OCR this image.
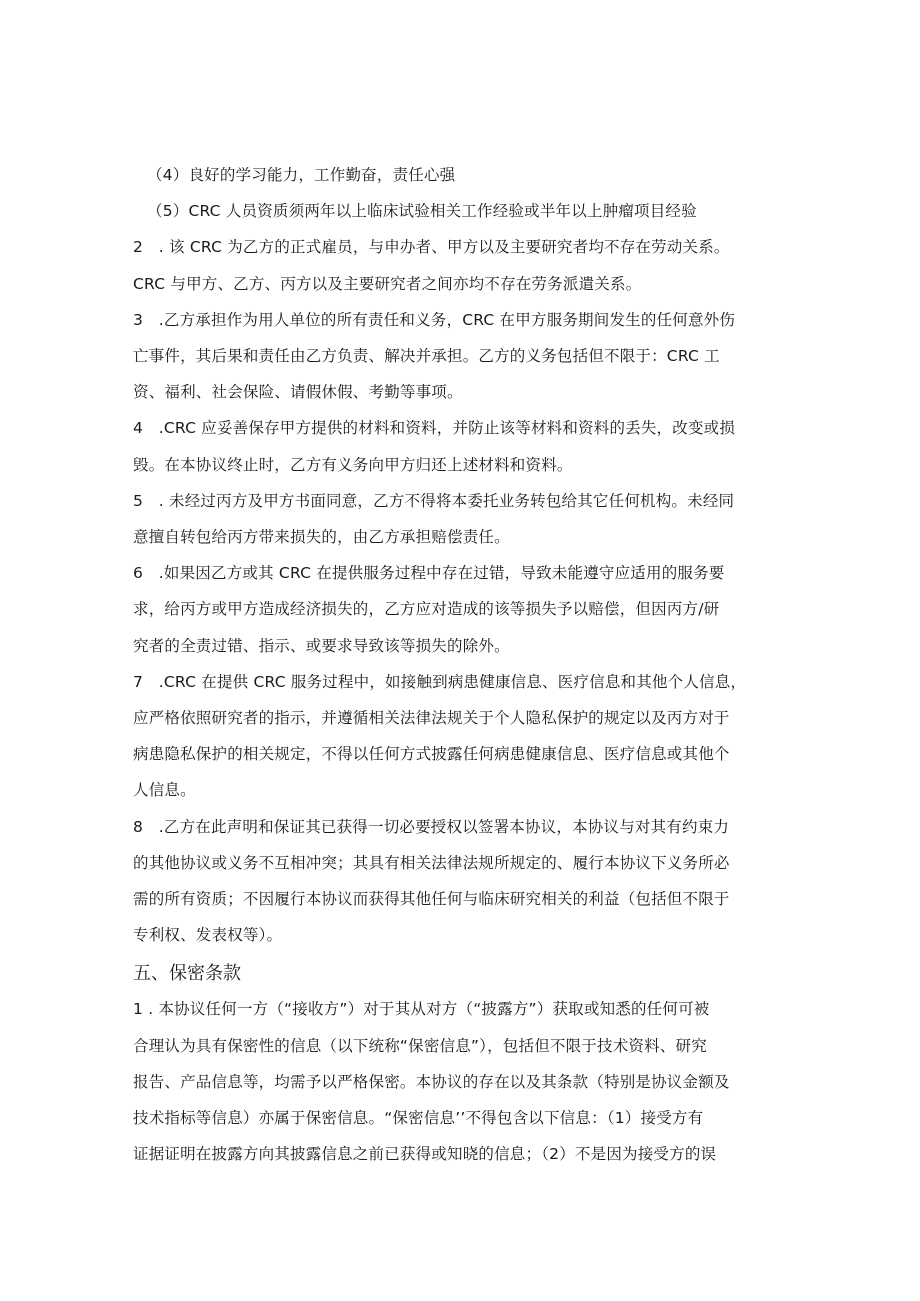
（4）良好的学习能力，工作勤奋，责任心强
（5）CRC 人员资质须两年以上临床试验相关工作经验或半年以上肿瘤项目经验
2　. 该 CRC 为乙方的正式雇员，与申办者、甲方以及主要研究者均不存在劳动关系。
CRC 与甲方、乙方、丙方以及主要研究者之间亦均不存在劳务派遣关系。
3　.乙方承担作为用人单位的所有责任和义务，CRC 在甲方服务期间发生的任何意外伤
亡事件，其后果和责任由乙方负责、解决并承担。乙方的义务包括但不限于：CRC 工
资、福利、社会保险、请假休假、考勤等事项。
4　.CRC 应妥善保存甲方提供的材料和资料，并防止该等材料和资料的丢失，改变或损
毁。在本协议终止时，乙方有义务向甲方归还上述材料和资料。
5　. 未经过丙方及甲方书面同意，乙方不得将本委托业务转包给其它任何机构。未经同
意擅自转包给丙方带来损失的，由乙方承担赔偿责任。
6　.如果因乙方或其 CRC 在提供服务过程中存在过错，导致未能遵守应适用的服务要
求，给丙方或甲方造成经济损失的，乙方应对造成的该等损失予以赔偿，但因丙方/研
究者的全责过错、指示、或要求导致该等损失的除外。
7　.CRC 在提供 CRC 服务过程中，如接触到病患健康信息、医疗信息和其他个人信息，
应严格依照研究者的指示，并遵循相关法律法规关于个人隐私保护的规定以及丙方对于
病患隐私保护的相关规定，不得以任何方式披露任何病患健康信息、医疗信息或其他个
人信息。
8　.乙方在此声明和保证其已获得一切必要授权以签署本协议，本协议与对其有约束力
的其他协议或义务不互相冲突；其具有相关法律法规所规定的、履行本协议下义务所必
需的所有资质；不因履行本协议而获得其他任何与临床研究相关的利益（包括但不限于
专利权、发表权等）。
五、保密条款
1 . 本协议任何一方（“接收方”）对于其从对方（“披露方”）获取或知悉的任何可被
合理认为具有保密性的信息（以下统称“保密信息”），包括但不限于技术资料、研究
报告、产品信息等，均需予以严格保密。本协议的存在以及其条款（特别是协议金额及
技术指标等信息）亦属于保密信息。“保密信息’’不得包含以下信息：（1）接受方有
证据证明在披露方向其披露信息之前已获得或知晓的信息；（2）不是因为接受方的误
